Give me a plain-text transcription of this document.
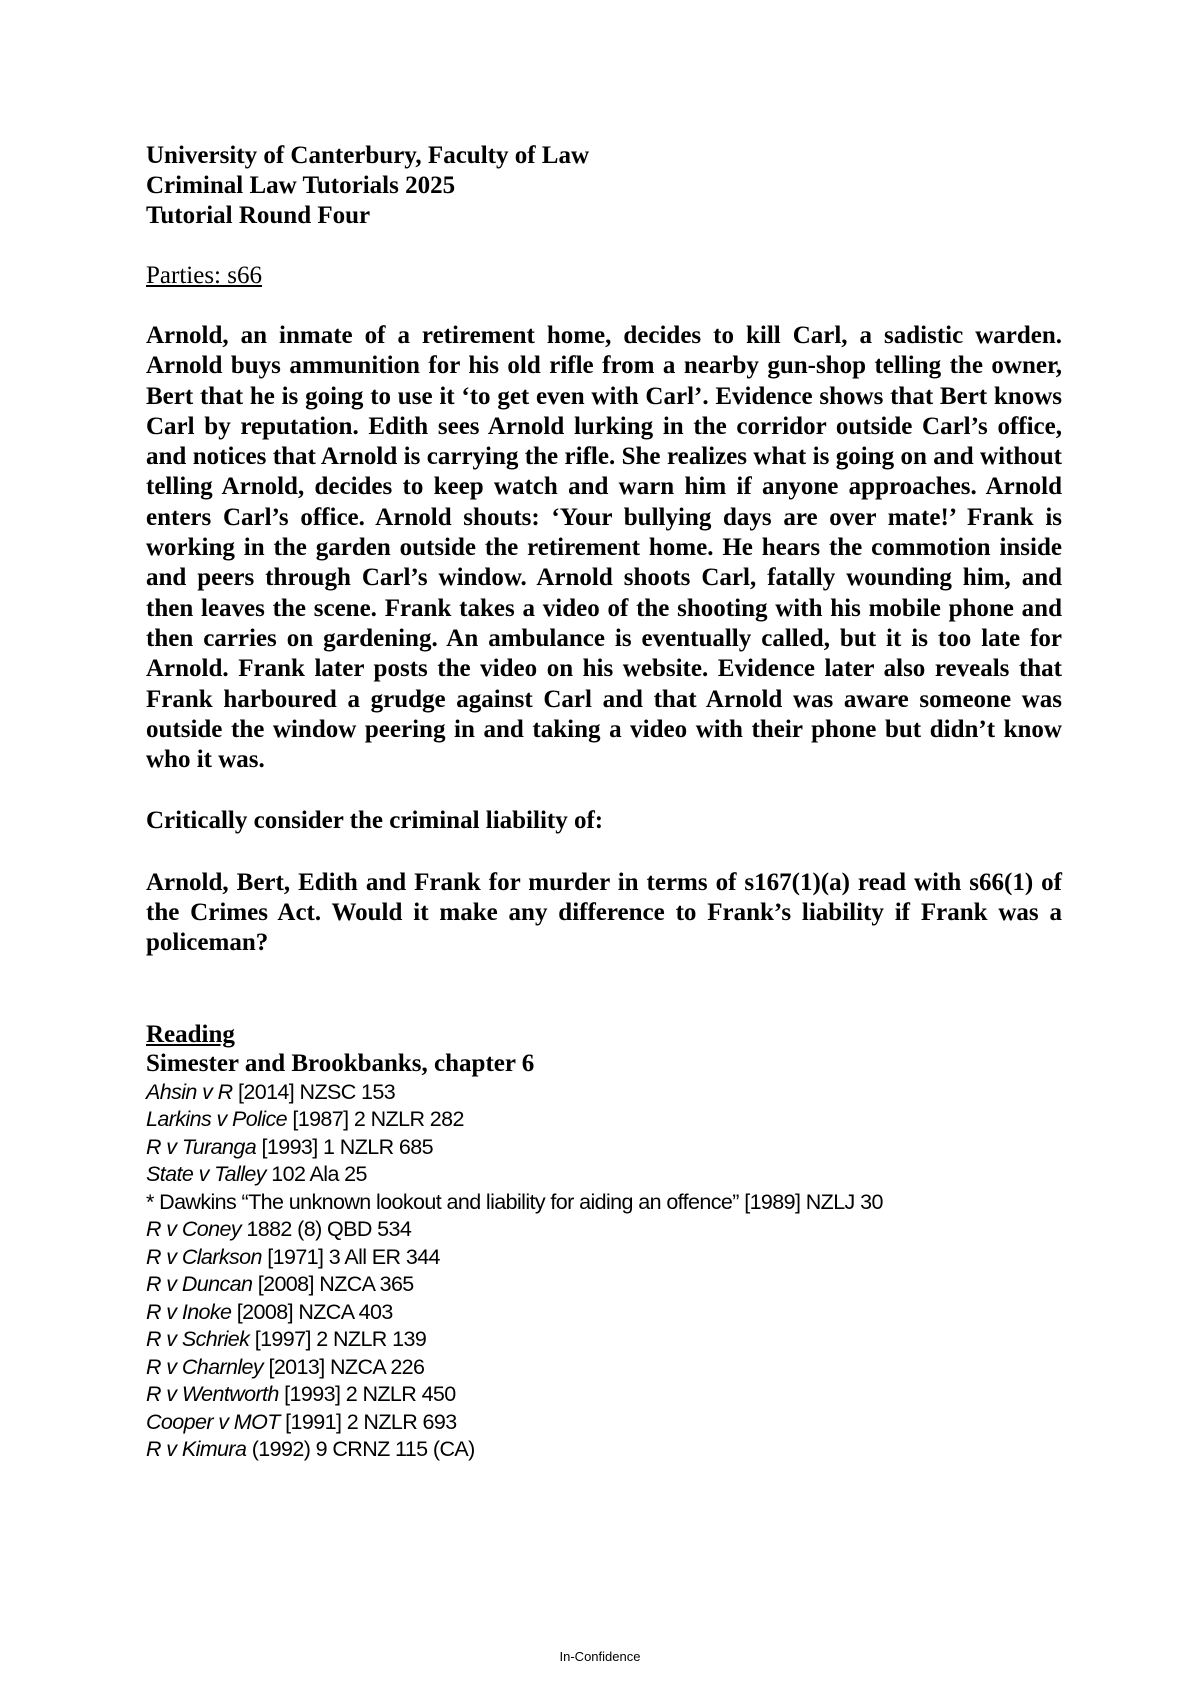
University of Canterbury, Faculty of Law
Criminal Law Tutorials 2025
Tutorial Round Four
Parties: s66

Arnold, an inmate of a retirement home, decides to kill Carl, a sadistic warden. Arnold buys ammunition for his old rifle from a nearby gun-shop telling the owner, Bert that he is going to use it ‘to get even with Carl’. Evidence shows that Bert knows Carl by reputation. Edith sees Arnold lurking in the corridor outside Carl’s office, and notices that Arnold is carrying the rifle. She realizes what is going on and without telling Arnold, decides to keep watch and warn him if anyone approaches. Arnold enters Carl’s office. Arnold shouts: ‘Your bullying days are over mate!’ Frank is working in the garden outside the retirement home. He hears the commotion inside and peers through Carl’s window. Arnold shoots Carl, fatally wounding him, and then leaves the scene. Frank takes a video of the shooting with his mobile phone and then carries on gardening. An ambulance is eventually called, but it is too late for Arnold. Frank later posts the video on his website. Evidence later also reveals that Frank harboured a grudge against Carl and that Arnold was aware someone was outside the window peering in and taking a video with their phone but didn’t know who it was.

Critically consider the criminal liability of:

Arnold, Bert, Edith and Frank for murder in terms of s167(1)(a) read with s66(1) of the Crimes Act. Would it make any difference to Frank’s liability if Frank was a policeman?

Reading
Simester and Brookbanks, chapter 6
Ahsin v R [2014] NZSC 153
Larkins v Police [1987] 2 NZLR 282
R v Turanga [1993] 1 NZLR 685
State v Talley 102 Ala 25
* Dawkins “The unknown lookout and liability for aiding an offence” [1989] NZLJ 30
R v Coney 1882 (8) QBD 534
R v Clarkson [1971] 3 All ER 344
R v Duncan [2008] NZCA 365
R v Inoke [2008] NZCA 403
R v Schriek [1997] 2 NZLR 139
R v Charnley [2013] NZCA 226
R v Wentworth [1993] 2 NZLR 450
Cooper v MOT [1991] 2 NZLR 693
R v Kimura (1992) 9 CRNZ 115 (CA)
In-Confidence
